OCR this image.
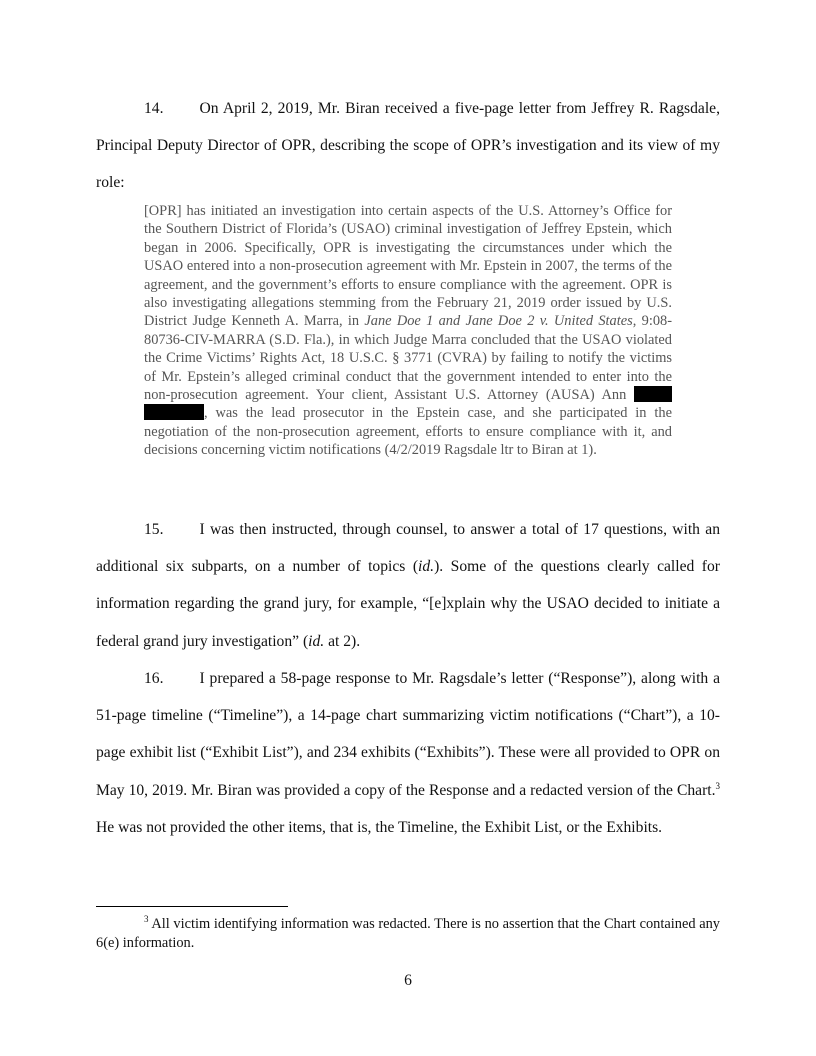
14. On April 2, 2019, Mr. Biran received a five-page letter from Jeffrey R. Ragsdale, Principal Deputy Director of OPR, describing the scope of OPR’s investigation and its view of my role:
[OPR] has initiated an investigation into certain aspects of the U.S. Attorney’s Office for the Southern District of Florida’s (USAO) criminal investigation of Jeffrey Epstein, which began in 2006. Specifically, OPR is investigating the circumstances under which the USAO entered into a non-prosecution agreement with Mr. Epstein in 2007, the terms of the agreement, and the government’s efforts to ensure compliance with the agreement. OPR is also investigating allegations stemming from the February 21, 2019 order issued by U.S. District Judge Kenneth A. Marra, in Jane Doe 1 and Jane Doe 2 v. United States, 9:08-80736-CIV-MARRA (S.D. Fla.), in which Judge Marra concluded that the USAO violated the Crime Victims’ Rights Act, 18 U.S.C. § 3771 (CVRA) by failing to notify the victims of Mr. Epstein’s alleged criminal conduct that the government intended to enter into the non-prosecution agreement. Your client, Assistant U.S. Attorney (AUSA) Ann  , was the lead prosecutor in the Epstein case, and she participated in the negotiation of the non-prosecution agreement, efforts to ensure compliance with it, and decisions concerning victim notifications (4/2/2019 Ragsdale ltr to Biran at 1).
15. I was then instructed, through counsel, to answer a total of 17 questions, with an additional six subparts, on a number of topics (id.). Some of the questions clearly called for information regarding the grand jury, for example, “[e]xplain why the USAO decided to initiate a federal grand jury investigation” (id. at 2).
16. I prepared a 58-page response to Mr. Ragsdale’s letter (“Response”), along with a 51-page timeline (“Timeline”), a 14-page chart summarizing victim notifications (“Chart”), a 10-page exhibit list (“Exhibit List”), and 234 exhibits (“Exhibits”). These were all provided to OPR on May 10, 2019. Mr. Biran was provided a copy of the Response and a redacted version of the Chart.$^3$ He was not provided the other items, that is, the Timeline, the Exhibit List, or the Exhibits.

$^3$ All victim identifying information was redacted. There is no assertion that the Chart contained any 6(e) information.

6
